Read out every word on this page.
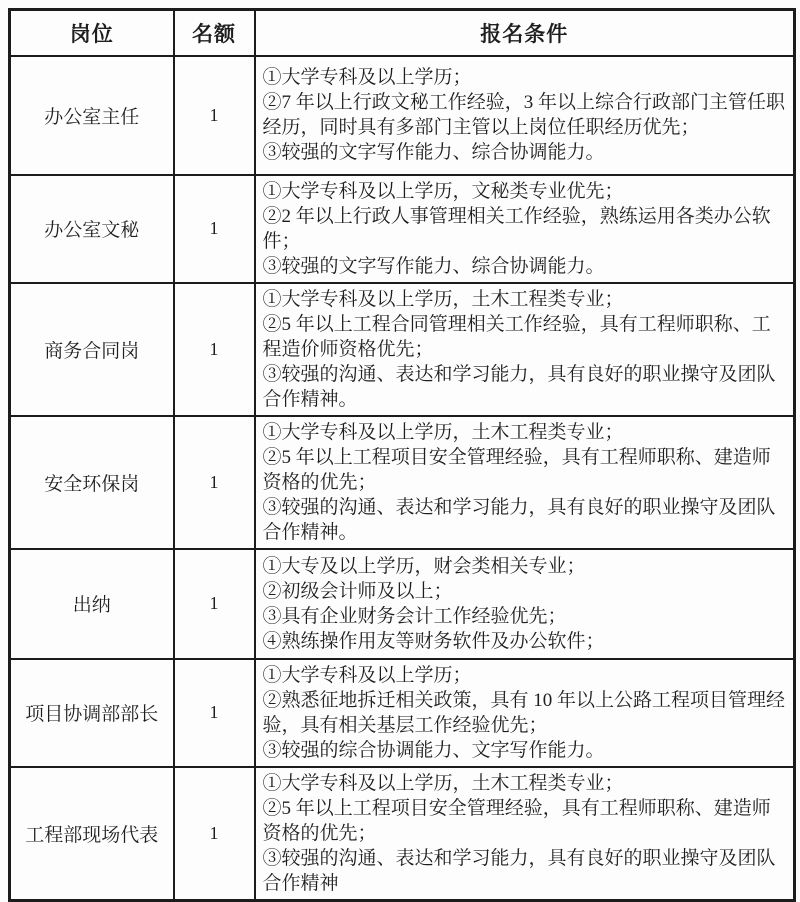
岗位	名额	报名条件
办公室主任	1	①大学专科及以上学历；
②7 年以上行政文秘工作经验，3 年以上综合行政部门主管任职经历，同时具有多部门主管以上岗位任职经历优先；
③较强的文字写作能力、综合协调能力。

办公室文秘	1	①大学专科及以上学历，文秘类专业优先；
②2 年以上行政人事管理相关工作经验，熟练运用各类办公软件；
③较强的文字写作能力、综合协调能力。

商务合同岗	1	①大学专科及以上学历，土木工程类专业；
②5 年以上工程合同管理相关工作经验，具有工程师职称、工程造价师资格优先；
③较强的沟通、表达和学习能力，具有良好的职业操守及团队合作精神。

安全环保岗	1	①大学专科及以上学历，土木工程类专业；
②5 年以上工程项目安全管理经验，具有工程师职称、建造师资格的优先；
③较强的沟通、表达和学习能力，具有良好的职业操守及团队合作精神。

出纳	1	①大专及以上学历，财会类相关专业；
②初级会计师及以上；
③具有企业财务会计工作经验优先；
④熟练操作用友等财务软件及办公软件；

项目协调部部长	1	①大学专科及以上学历；
②熟悉征地拆迁相关政策，具有 10 年以上公路工程项目管理经验，具有相关基层工作经验优先；
③较强的综合协调能力、文字写作能力。

工程部现场代表	1	①大学专科及以上学历，土木工程类专业；
②5 年以上工程项目安全管理经验，具有工程师职称、建造师资格的优先；
③较强的沟通、表达和学习能力，具有良好的职业操守及团队合作精神
